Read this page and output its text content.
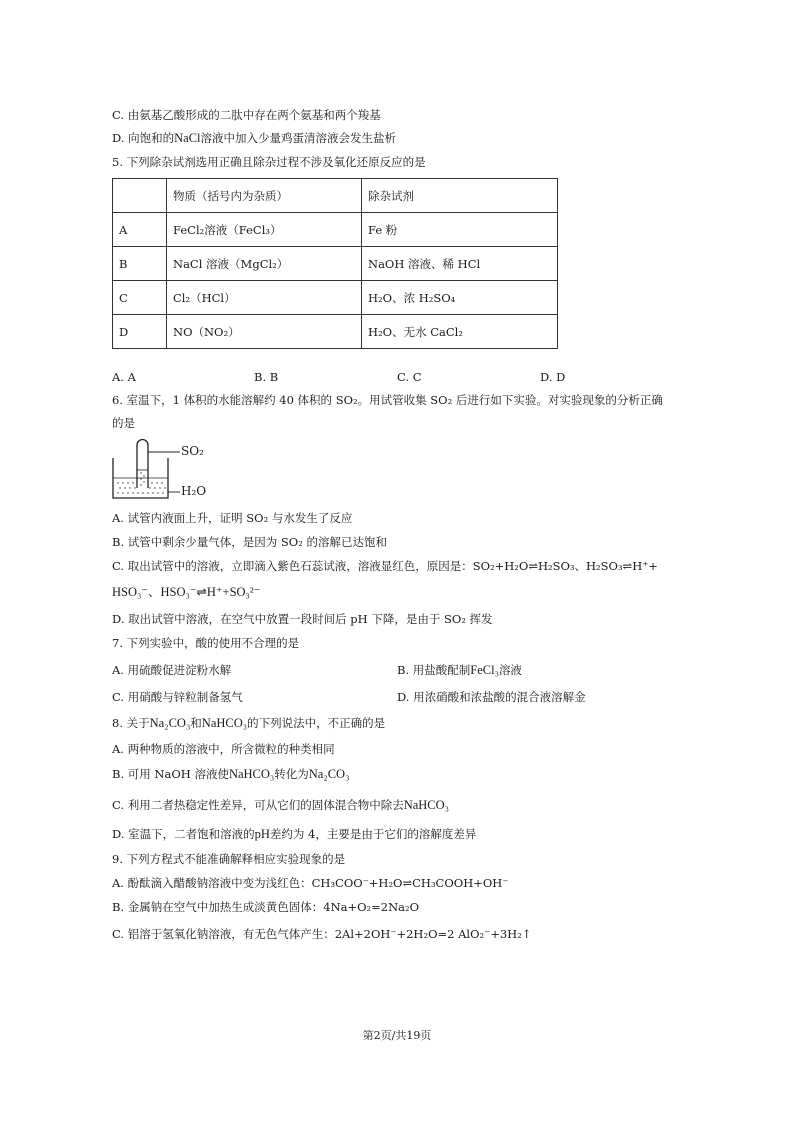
C. 由氨基乙酸形成的二肽中存在两个氨基和两个羧基
D. 向饱和的NaCl溶液中加入少量鸡蛋清溶液会发生盐析
5. 下列除杂试剂选用正确且除杂过程不涉及氧化还原反应的是
	物质（括号内为杂质）	除杂试剂
A	FeCl₂溶液（FeCl₃）	Fe 粉
B	NaCl 溶液（MgCl₂）	NaOH 溶液、稀 HCl
C	Cl₂（HCl）	H₂O、浓 H₂SO₄
D	NO（NO₂）	H₂O、无水 CaCl₂
A. A	B. B	C. C	D. D
6. 室温下，1 体积的水能溶解约 40 体积的 SO₂。用试管收集 SO₂ 后进行如下实验。对实验现象的分析正确
的是
SO₂
H₂O
A. 试管内液面上升，证明 SO₂ 与水发生了反应
B. 试管中剩余少量气体，是因为 SO₂ 的溶解已达饱和
C. 取出试管中的溶液，立即滴入紫色石蕊试液，溶液显红色，原因是：SO₂+H₂O⇌H₂SO₃、H₂SO₃⇌H⁺+
HSO₃⁻、HSO₃⁻⇌H⁺+SO₃²⁻
D. 取出试管中溶液，在空气中放置一段时间后 pH 下降，是由于 SO₂ 挥发
7. 下列实验中，酸的使用不合理的是
A. 用硫酸促进淀粉水解	B. 用盐酸配制FeCl₃溶液
C. 用硝酸与锌粒制备氢气	D. 用浓硝酸和浓盐酸的混合液溶解金
8. 关于Na₂CO₃和NaHCO₃的下列说法中，不正确的是
A. 两种物质的溶液中，所含微粒的种类相同
B. 可用 NaOH 溶液使NaHCO₃转化为Na₂CO₃
C. 利用二者热稳定性差异，可从它们的固体混合物中除去NaHCO₃
D. 室温下，二者饱和溶液的pH差约为 4，主要是由于它们的溶解度差异
9. 下列方程式不能准确解释相应实验现象的是
A. 酚酞滴入醋酸钠溶液中变为浅红色：CH₃COO⁻+H₂O⇌CH₃COOH+OH⁻
B. 金属钠在空气中加热生成淡黄色固体：4Na+O₂=2Na₂O
C. 铝溶于氢氧化钠溶液，有无色气体产生：2Al+2OH⁻+2H₂O=2 AlO₂⁻+3H₂↑
第2页/共19页
